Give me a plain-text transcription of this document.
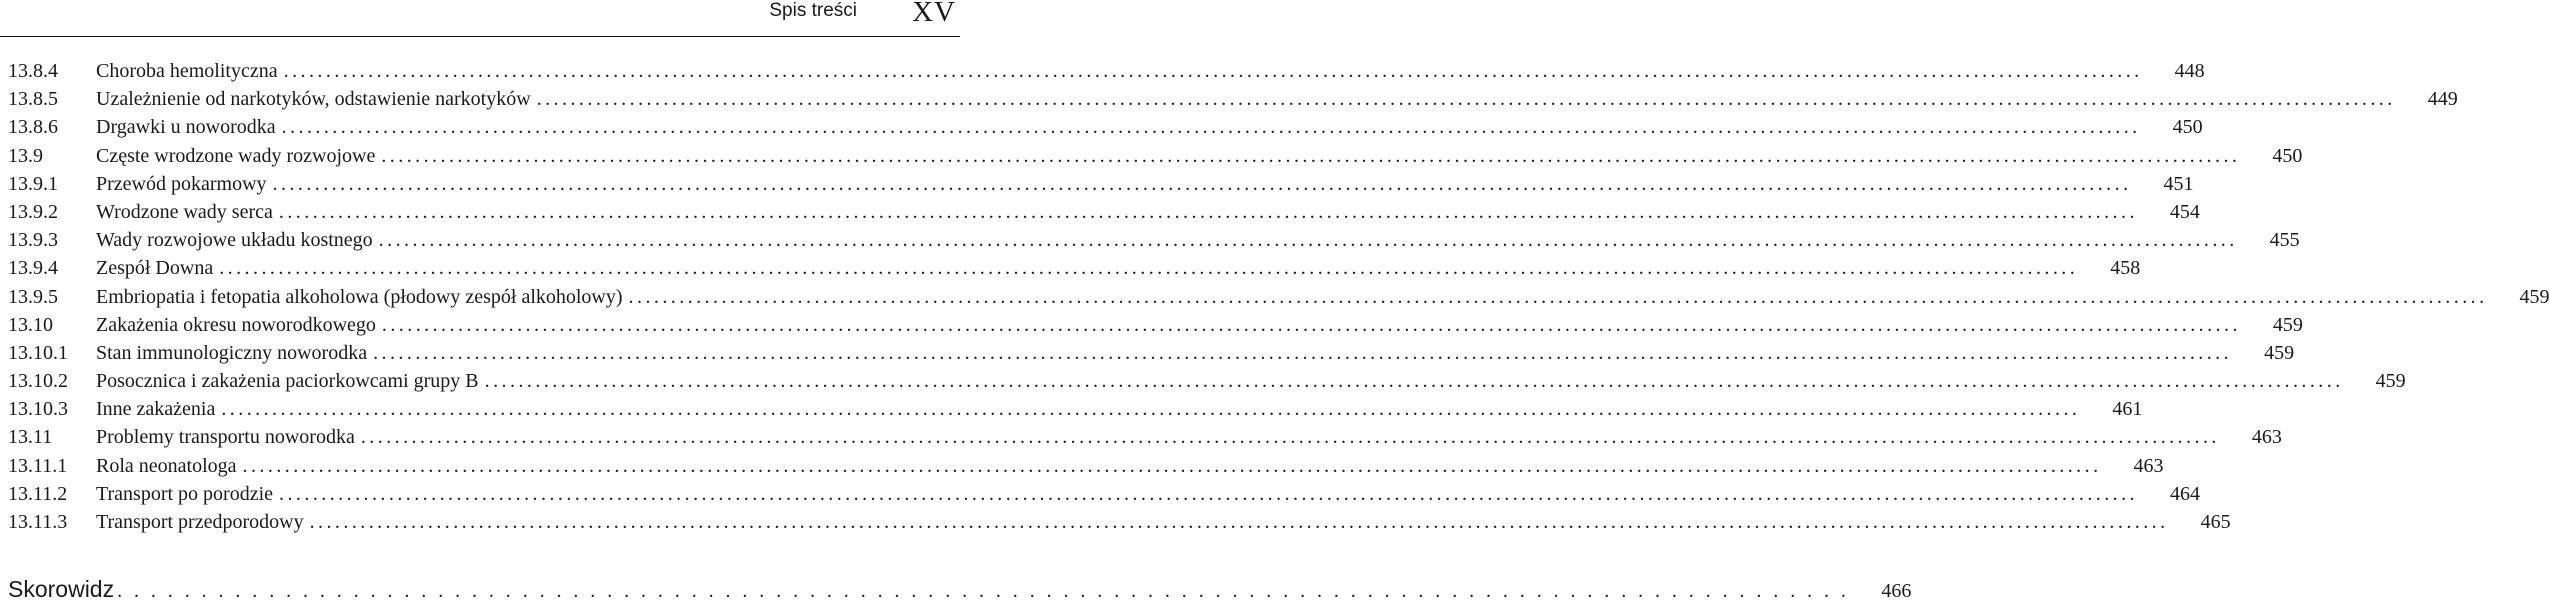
Spis treści XV
13.8.4	Choroba hemolityczna ............................................................................................................................................................................................................................	448
13.8.5	Uzależnienie od narkotyków, odstawienie narkotyków ............................................................................................................................................................................................................................	449
13.8.6	Drgawki u noworodka ............................................................................................................................................................................................................................	450
13.9	Częste wrodzone wady rozwojowe ............................................................................................................................................................................................................................	450
13.9.1	Przewód pokarmowy ............................................................................................................................................................................................................................	451
13.9.2	Wrodzone wady serca ............................................................................................................................................................................................................................	454
13.9.3	Wady rozwojowe układu kostnego ............................................................................................................................................................................................................................	455
13.9.4	Zespół Downa ............................................................................................................................................................................................................................	458
13.9.5	Embriopatia i fetopatia alkoholowa (płodowy zespół alkoholowy) ............................................................................................................................................................................................................................	459
13.10	Zakażenia okresu noworodkowego ............................................................................................................................................................................................................................	459
13.10.1	Stan immunologiczny noworodka ............................................................................................................................................................................................................................	459
13.10.2	Posocznica i zakażenia paciorkowcami grupy B ............................................................................................................................................................................................................................	459
13.10.3	Inne zakażenia ............................................................................................................................................................................................................................	461
13.11	Problemy transportu noworodka ............................................................................................................................................................................................................................	463
13.11.1	Rola neonatologa ............................................................................................................................................................................................................................	463
13.11.2	Transport po porodzie ............................................................................................................................................................................................................................	464
13.11.3	Transport przedporodowy ............................................................................................................................................................................................................................	465
Skorowidz . . . . . . . . . . . . . . . . . . . . . . . . . . . . . . . . . . . . . . . . . . . . . . . . . . . . . . . . . . . . . . . . . . . . . . . . . . . . . . . . . . . . . . . . . . . . . . . . . . . . . . .	466
